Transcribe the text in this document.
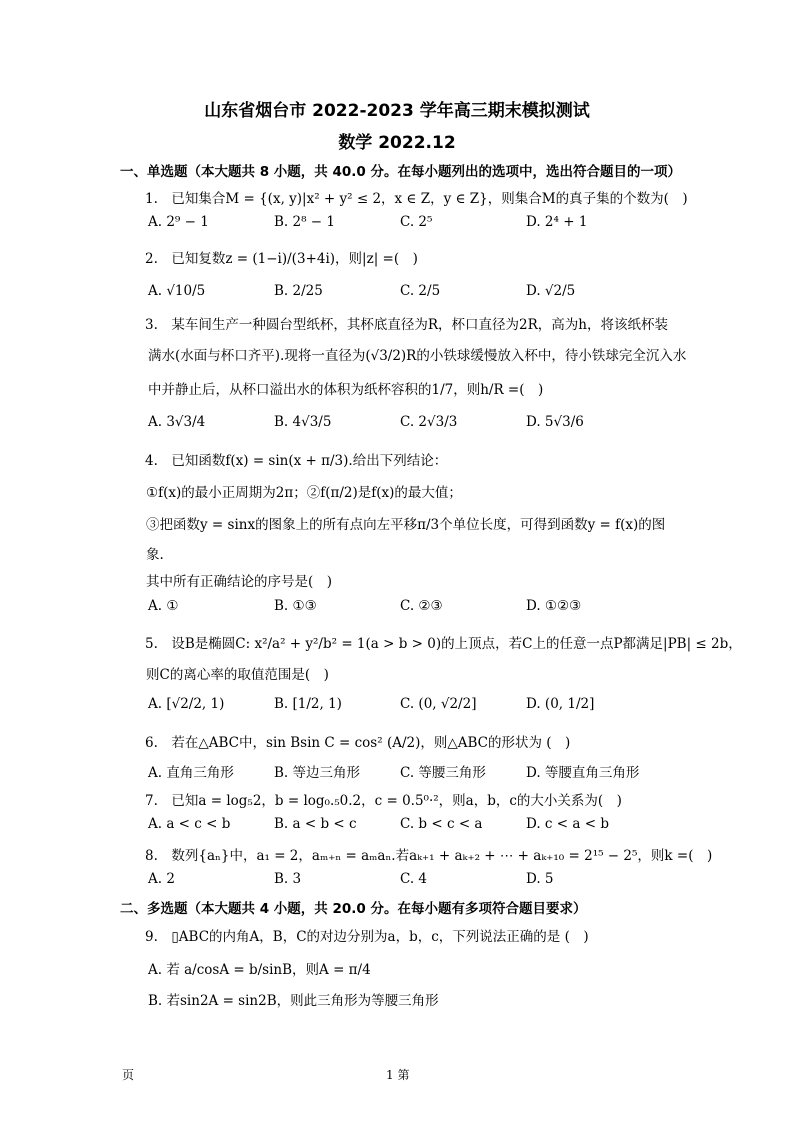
山东省烟台市 2022-2023 学年高三期末模拟测试
数学 2022.12
一、单选题（本大题共 8 小题，共 40.0 分。在每小题列出的选项中，选出符合题目的一项）
1.　已知集合M = {(x, y)|x² + y² ≤ 2，x ∈ Z，y ∈ Z}，则集合M的真子集的个数为(　)
A. 2⁹ − 1	B. 2⁸ − 1	C. 2⁵	D. 2⁴ + 1
2.　已知复数z = (1−i)/(3+4i)，则|z| =(　)
A. √10/5	B. 2/25	C. 2/5	D. √2/5
3.　某车间生产一种圆台型纸杯，其杯底直径为R，杯口直径为2R，高为h，将该纸杯装
满水(水面与杯口齐平).现将一直径为(√3/2)R的小铁球缓慢放入杯中，待小铁球完全沉入水
中并静止后，从杯口溢出水的体积为纸杯容积的1/7，则h/R =(　)
A. 3√3/4	B. 4√3/5	C. 2√3/3	D. 5√3/6
4.　已知函数f(x) = sin(x + π/3).给出下列结论：
①f(x)的最小正周期为2π；②f(π/2)是f(x)的最大值；
③把函数y = sinx的图象上的所有点向左平移π/3个单位长度，可得到函数y = f(x)的图
象.
其中所有正确结论的序号是(　)
A. ①	B. ①③	C. ②③	D. ①②③
5.　设B是椭圆C: x²/a² + y²/b² = 1(a > b > 0)的上顶点，若C上的任意一点P都满足|PB| ≤ 2b，
则C的离心率的取值范围是(　)
A. [√2/2, 1)	B. [1/2, 1)	C. (0, √2/2]	D. (0, 1/2]
6.　若在△ABC中，sin Bsin C = cos² (A/2)，则△ABC的形状为 (　)
A. 直角三角形	B. 等边三角形	C. 等腰三角形	D. 等腰直角三角形
7.　已知a = log₅2，b = log₀.₅0.2，c = 0.5⁰·²，则a，b，c的大小关系为(　)
A. a < c < b	B. a < b < c	C. b < c < a	D. c < a < b
8.　数列{aₙ}中，a₁ = 2，aₘ₊ₙ = aₘaₙ.若aₖ₊₁ + aₖ₊₂ + ⋯ + aₖ₊₁₀ = 2¹⁵ − 2⁵，则k =(　)
A. 2	B. 3	C. 4	D. 5
二、多选题（本大题共 4 小题，共 20.0 分。在每小题有多项符合题目要求）
9.　▯ABC的内角A，B，C的对边分别为a，b，c，下列说法正确的是 (　)
A. 若 a/cosA = b/sinB，则A = π/4
B. 若sin2A = sin2B，则此三角形为等腰三角形
页	1 第
